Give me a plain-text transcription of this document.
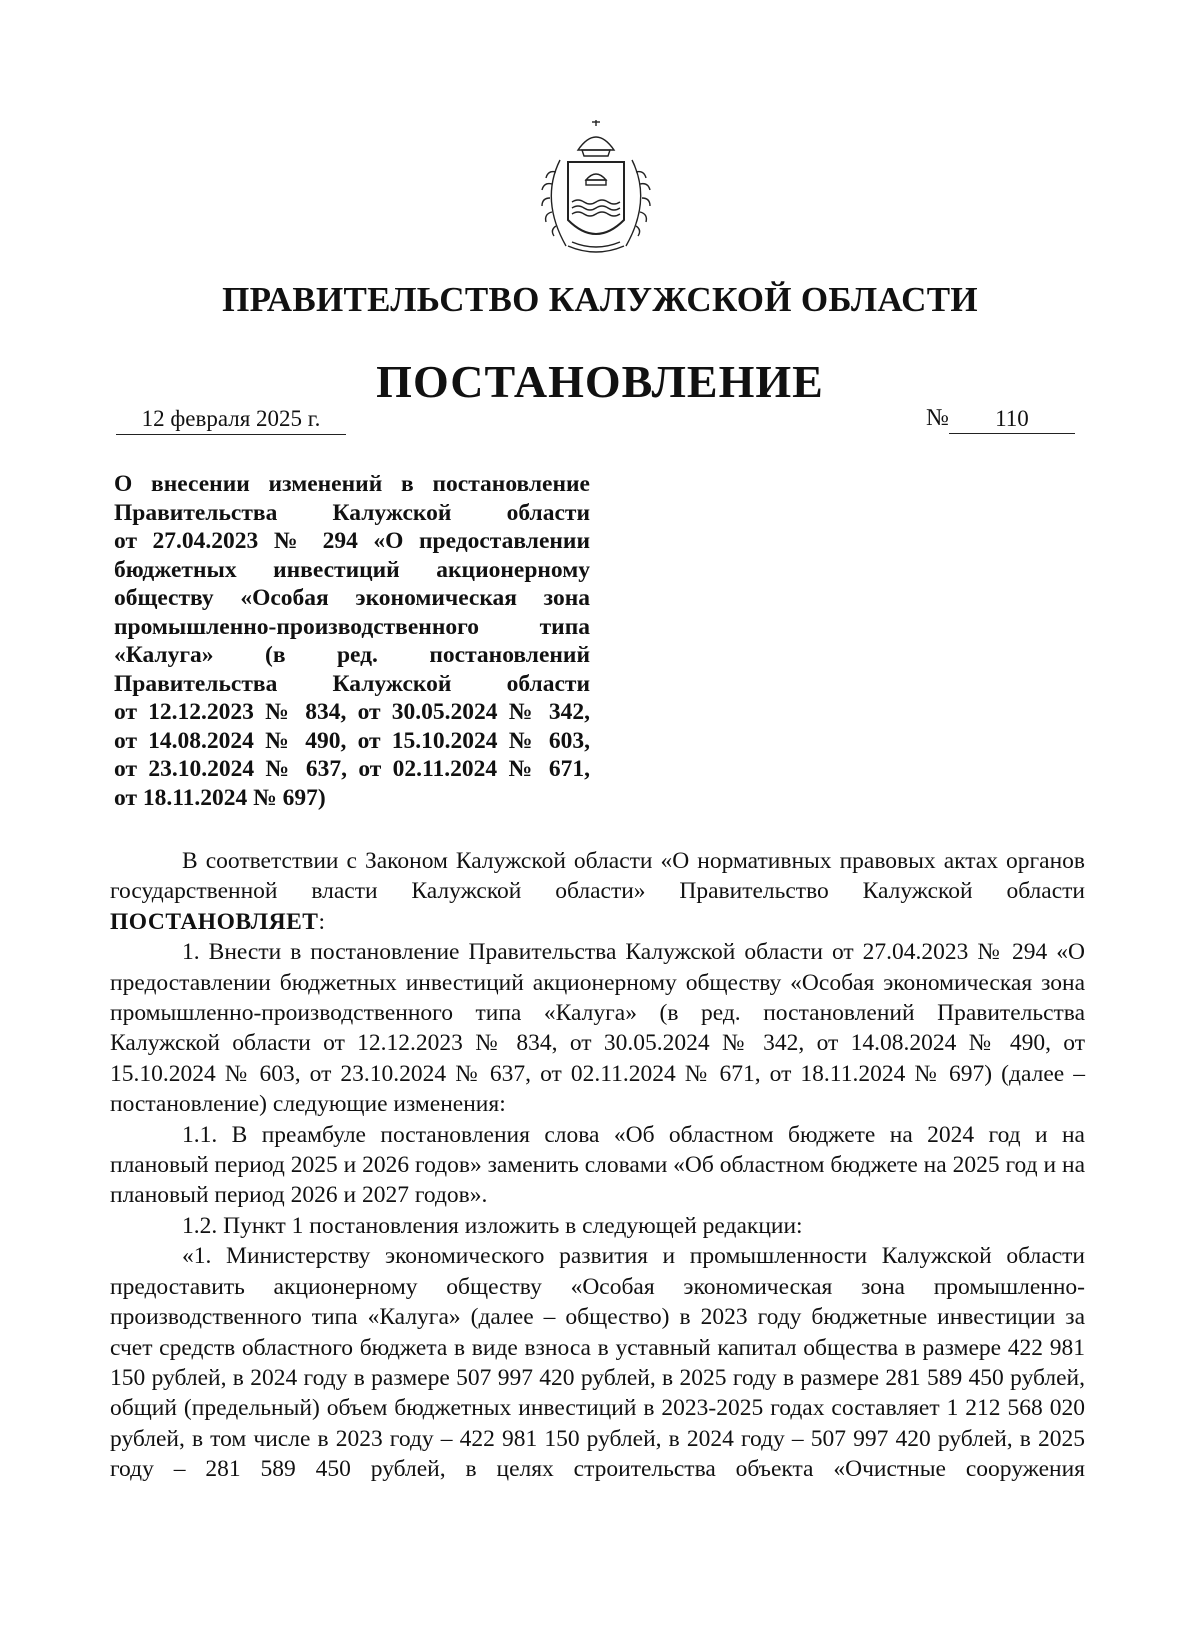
ПРАВИТЕЛЬСТВО КАЛУЖСКОЙ ОБЛАСТИ
ПОСТАНОВЛЕНИЕ
12 февраля 2025 г.	№ 110
О внесении изменений в постановление
Правительства Калужской области
от 27.04.2023 № 294 «О предоставлении
бюджетных инвестиций акционерному
обществу «Особая экономическая зона
промышленно-производственного типа
«Калуга» (в ред. постановлений
Правительства Калужской области
от 12.12.2023 № 834, от 30.05.2024 № 342,
от 14.08.2024 № 490, от 15.10.2024 № 603,
от 23.10.2024 № 637, от 02.11.2024 № 671,
от 18.11.2024 № 697)

В соответствии с Законом Калужской области «О нормативных правовых актах органов государственной власти Калужской области» Правительство Калужской области ПОСТАНОВЛЯЕТ:

1. Внести в постановление Правительства Калужской области от 27.04.2023 № 294 «О предоставлении бюджетных инвестиций акционерному обществу «Особая экономическая зона промышленно-производственного типа «Калуга» (в ред. постановлений Правительства Калужской области от 12.12.2023 № 834, от 30.05.2024 № 342, от 14.08.2024 № 490, от 15.10.2024 № 603, от 23.10.2024 № 637, от 02.11.2024 № 671, от 18.11.2024 № 697) (далее – постановление) следующие изменения:

1.1. В преамбуле постановления слова «Об областном бюджете на 2024 год и на плановый период 2025 и 2026 годов» заменить словами «Об областном бюджете на 2025 год и на плановый период 2026 и 2027 годов».

1.2. Пункт 1 постановления изложить в следующей редакции:

«1. Министерству экономического развития и промышленности Калужской области предоставить акционерному обществу «Особая экономическая зона промышленно-производственного типа «Калуга» (далее – общество) в 2023 году бюджетные инвестиции за счет средств областного бюджета в виде взноса в уставный капитал общества в размере 422 981 150 рублей, в 2024 году в размере 507 997 420 рублей, в 2025 году в размере 281 589 450 рублей, общий (предельный) объем бюджетных инвестиций в 2023-2025 годах составляет 1 212 568 020 рублей, в том числе в 2023 году – 422 981 150 рублей, в 2024 году – 507 997 420 рублей, в 2025 году – 281 589 450 рублей, в целях строительства объекта «Очистные сооружения
